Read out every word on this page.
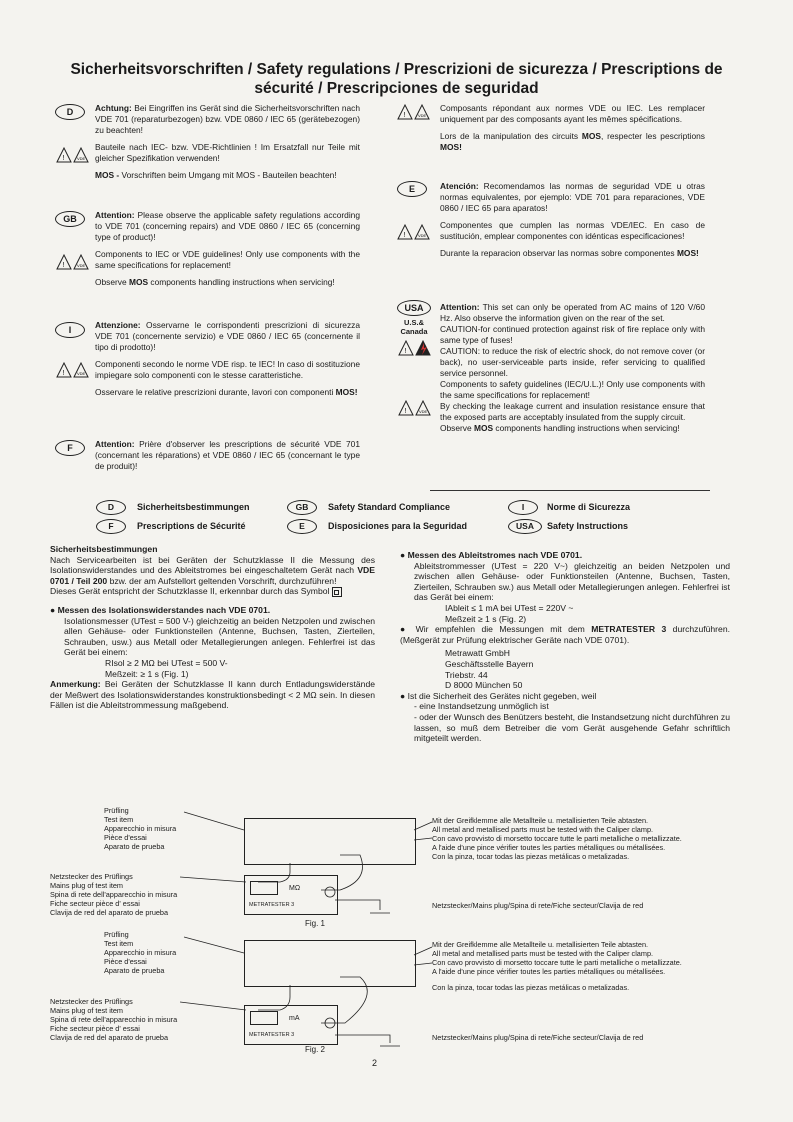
Sicherheitsvorschriften / Safety regulations / Prescrizioni de sicurezza / Prescriptions de sécurité / Prescripciones de seguridad
D	Achtung: Bei Eingriffen ins Gerät sind die Sicherheitsvorschriften nach VDE 701 (reparaturbezogen) bzw. VDE 0860 / IEC 65 (gerätebezogen) zu beachten!

Bauteile nach IEC- bzw. VDE-Richtlinien ! Im Ersatzfall nur Teile mit gleicher Spezifikation verwenden!

MOS - Vorschriften beim Umgang mit MOS - Bauteilen beachten!

!	VDE
GB	Attention: Please observe the applicable safety regulations according to VDE 701 (concerning repairs) and VDE 0860 / IEC 65 (concerning type of product)!

Components to IEC or VDE guidelines! Only use components with the same specifications for replacement!

Observe MOS components handling instructions when servicing!

!	VDE
I	Attenzione: Osservarne le corrispondenti prescrizioni di sicurezza VDE 701 (concernente servizio) e VDE 0860 / IEC 65 (concernente il tipo di prodotto)!

Componenti secondo le norme VDE risp. te IEC! In caso di sostituzione impiegare solo componenti con le stesse caratteristiche.

Osservare le relative prescrizioni durante, lavori con componenti MOS!

!	VDE
F	Attention: Prière d'observer les prescriptions de sécurité VDE 701 (concernant les réparations) et VDE 0860 / IEC 65 (concernant le type de produit)!

!	VDE

Composants répondant aux normes VDE ou IEC. Les remplacer uniquement par des composants ayant les mêmes spécifications.

Lors de la manipulation des circuits MOS, respecter les pescriptions MOS!

E	Atención: Recomendamos las normas de seguridad VDE u otras normas equivalentes, por ejemplo: VDE 701 para reparaciones, VDE 0860 / IEC 65 para aparatos!

Componentes que cumplen las normas VDE/IEC. En caso de sustitución, emplear componentes con idénticas especificaciones!

Durante la reparacion observar las normas sobre componentes MOS!

!	VDE
USA
U.S.& Canada
!
!	VDE

Attention: This set can only be operated from AC mains of 120 V/60 Hz. Also observe the information given on the rear of the set.

CAUTION-for continued protection against risk of fire replace only with same type of fuses!

CAUTION: to reduce the risk of electric shock, do not remove cover (or back), no user-serviceable parts inside, refer servicing to qualified service personnel.

Components to safety guidelines (IEC/U.L.)! Only use components with the same specifications for replacement!

By checking the leakage current and insulation resistance ensure that the exposed parts are acceptably insulated from the supply circuit.

Observe MOS components handling instructions when servicing!

D	Sicherheitsbestimmungen	GB	Safety Standard Compliance	I	Norme di Sicurezza
F	Prescriptions de Sécurité	E	Disposiciones para la Seguridad	USA	Safety Instructions
Sicherheitsbestimmungen
Nach Servicearbeiten ist bei Geräten der Schutzklasse II die Messung des Isolationswiderstandes und des Ableitstromes bei eingeschaltetem Gerät nach VDE 0701 / Teil 200 bzw. der am Aufstellort geltenden Vorschrift, durchzuführen!
Dieses Gerät entspricht der Schutzklasse II, erkennbar durch das Symbol
● Messen des Isolationswiderstandes nach VDE 0701.
Isolationsmesser (UTest = 500 V-) gleichzeitig an beiden Netzpolen und zwischen allen Gehäuse- oder Funktionsteilen (Antenne, Buchsen, Tasten, Zierteilen, Schrauben, usw.) aus Metall oder Metallegierungen anlegen. Fehlerfrei ist das Gerät bei einem:
RIsol ≥ 2 MΩ bei UTest = 500 V-
Meßzeit: ≥ 1 s (Fig. 1)
Anmerkung: Bei Geräten der Schutzklasse II kann durch Entladungswiderstände der Meßwert des Isolationswiderstandes konstruktionsbedingt < 2 MΩ sein. In diesen Fällen ist die Ableitstrommessung maßgebend.
● Messen des Ableitstromes nach VDE 0701.
Ableitstrommesser (UTest = 220 V~) gleichzeitig an beiden Netzpolen und zwischen allen Gehäuse- oder Funktionsteilen (Antenne, Buchsen, Tasten, Zierteilen, Schrauben sw.) aus Metall oder Metallegierungen anlegen. Fehlerfrei ist das Gerät bei einem:
IAbleit ≤ 1 mA bei UTest = 220V ~
Meßzeit ≥ 1 s (Fig. 2)
● Wir empfehlen die Messungen mit dem METRATESTER 3 durchzuführen. (Meßgerät zur Prüfung elektrischer Geräte nach VDE 0701).
Metrawatt GmbH
Geschäftsstelle Bayern
Triebstr. 44
D 8000 München 50
● Ist die Sicherheit des Gerätes nicht gegeben, weil
- eine Instandsetzung unmöglich ist
- oder der Wunsch des Benützers besteht, die Instandsetzung nicht durchführen zu lassen, so muß dem Betreiber die vom Gerät ausgehende Gefahr schriftlich mitgeteilt werden.
Prüfling
Test item
Apparecchio in misura
Pièce d'essai
Aparato de prueba
Netzstecker des Prüflings
Mains plug of test item
Spina di rete dell'apparecchio in misura
Fiche secteur pièce d' essai
Clavija de red del aparato de prueba
MΩ
METRATESTER 3
Fig. 1
Mit der Greifklemme alle Metallteile u. metallisierten Teile abtasten.
All metal and metallised parts must be tested with the Caliper clamp.
Con cavo provvisto di morsetto toccare tutte le parti metalliche o metallizzate.
A l'aide d'une pince vérifier toutes les parties métalliques ou métallisées.
Con la pinza, tocar todas las piezas metálicas o metalizadas.
Netzstecker/Mains plug/Spina di rete/Fiche secteur/Clavija de red
Prüfling
Test item
Apparecchio in misura
Pièce d'essai
Aparato de prueba
Netzstecker des Prüflings
Mains plug of test item
Spina di rete dell'apparecchio in misura
Fiche secteur pièce d' essai
Clavija de red del aparato de prueba
mA
METRATESTER 3
Fig. 2
Mit der Greifklemme alle Metallteile u. metallisierten Teile abtasten.
All metal and metallised parts must be tested with the Caliper clamp.
Con cavo provvisto di morsetto toccare tutte le parti metalliche o metallizzate.
A l'aide d'une pince vérifier toutes les parties métalliques ou métallisées.
Con la pinza, tocar todas las piezas metálicas o metalizadas.
Netzstecker/Mains plug/Spina di rete/Fiche secteur/Clavija de red
2
